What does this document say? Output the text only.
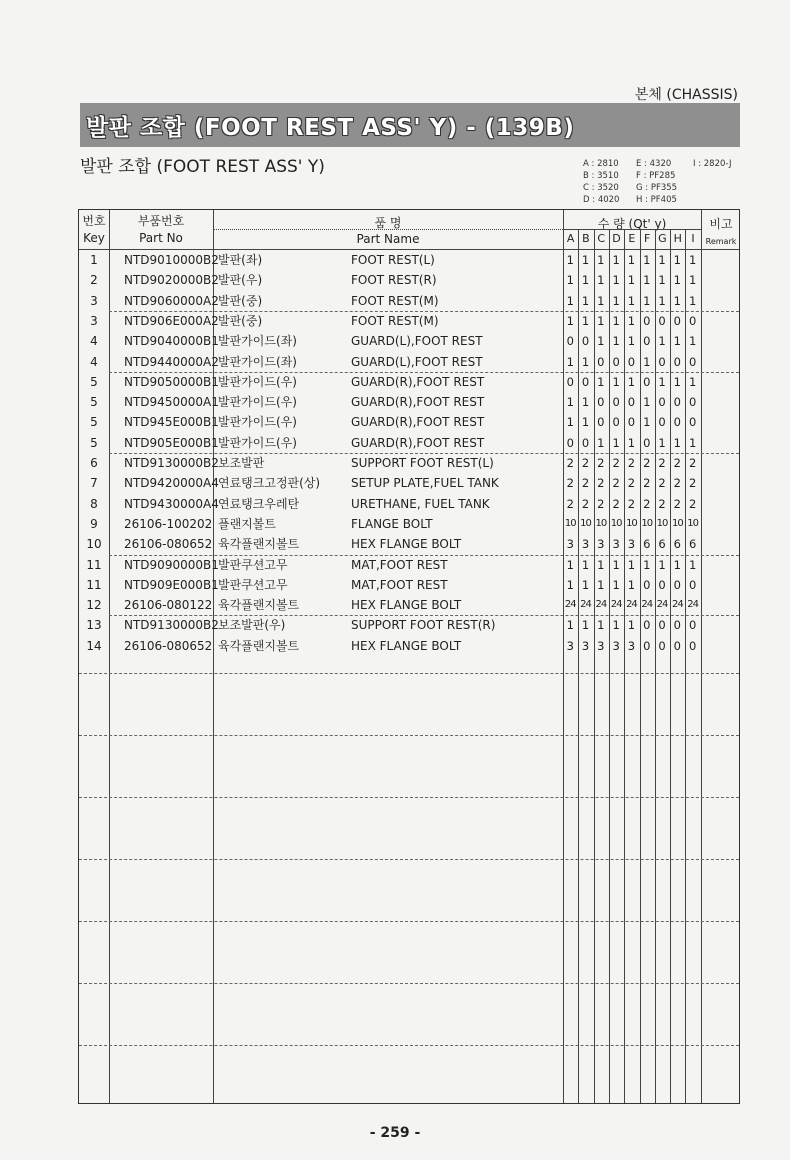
본체 (CHASSIS)
발판 조합 (FOOT REST ASS' Y) - (139B)
발판 조합 (FOOT REST ASS' Y)	A : 2810
B : 3510
C : 3520
D : 4020
E : 4320
F : PF285
G : PF355
H : PF405
I : 2820-J
번호
Key
부품번호
Part No
품 명
Part Name
수 량 (Qt' y)	비고
Remark
A B C D E F G H I
1	NTD9010000B2 발판(좌)	FOOT REST(L)	1 1 1 1 1 1 1 1 1
2	NTD9020000B2 발판(우)	FOOT REST(R)	1 1 1 1 1 1 1 1 1
3	NTD9060000A2 발판(중)	FOOT REST(M)	1 1 1 1 1 1 1 1 1
3	NTD906E000A2 발판(중)	FOOT REST(M)	1 1 1 1 1 0 0 0 0
4	NTD9040000B1 발판가이드(좌)	GUARD(L),FOOT REST	0 0 1 1 1 0 1 1 1
4	NTD9440000A2 발판가이드(좌)	GUARD(L),FOOT REST	1 1 0 0 0 1 0 0 0
5	NTD9050000B1 발판가이드(우)	GUARD(R),FOOT REST	0 0 1 1 1 0 1 1 1
5	NTD9450000A1 발판가이드(우)	GUARD(R),FOOT REST	1 1 0 0 0 1 0 0 0
5	NTD945E000B1 발판가이드(우)	GUARD(R),FOOT REST	1 1 0 0 0 1 0 0 0
5	NTD905E000B1 발판가이드(우)	GUARD(R),FOOT REST	0 0 1 1 1 0 1 1 1
6	NTD9130000B2 보조발판	SUPPORT FOOT REST(L)	2 2 2 2 2 2 2 2 2
7	NTD9420000A4 연료탱크고정판(상)	SETUP PLATE,FUEL TANK	2 2 2 2 2 2 2 2 2
8	NTD9430000A4 연료탱크우레탄	URETHANE, FUEL TANK	2 2 2 2 2 2 2 2 2
9	26106-100202 플랜지볼트	FLANGE BOLT	10 10 10 10 10 10 10 10 10
10	26106-080652 육각플랜지볼트	HEX FLANGE BOLT	3 3 3 3 3 6 6 6 6
11	NTD9090000B1 발판쿠션고무	MAT,FOOT REST	1 1 1 1 1 1 1 1 1
11	NTD909E000B1 발판쿠션고무	MAT,FOOT REST	1 1 1 1 1 0 0 0 0
12	26106-080122 육각플랜지볼트	HEX FLANGE BOLT	24 24 24 24 24 24 24 24 24
13	NTD9130000B2 보조발판(우)	SUPPORT FOOT REST(R)	1 1 1 1 1 0 0 0 0
14	26106-080652 육각플랜지볼트	HEX FLANGE BOLT	3 3 3 3 3 0 0 0 0
- 259 -
